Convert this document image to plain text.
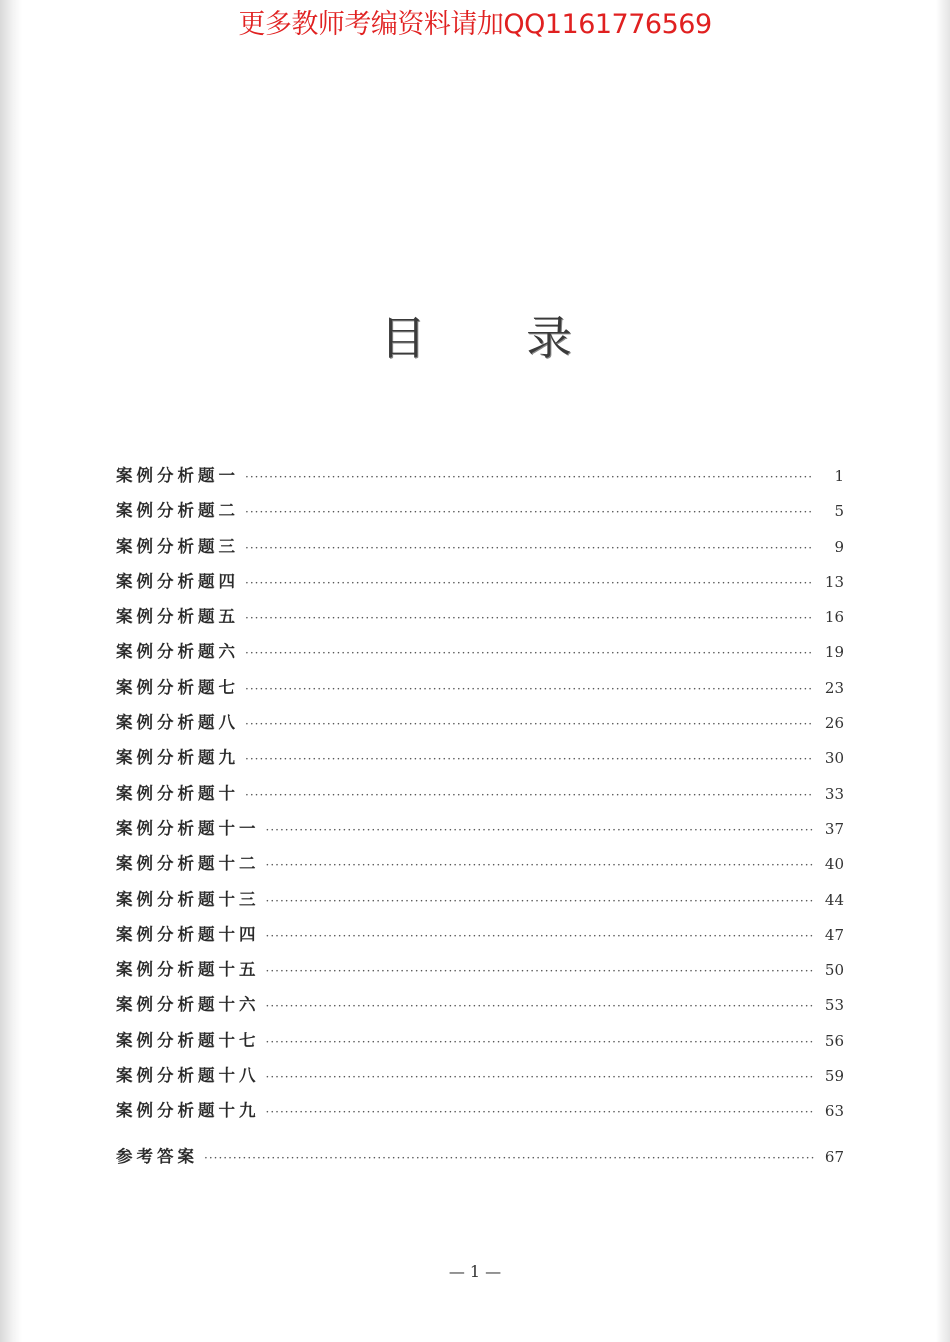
更多教师考编资料请加QQ1161776569
目录
案例分析题一 ·····	1
案例分析题二 ·····	5
案例分析题三 ·····	9
案例分析题四 ·····	13
案例分析题五 ·····	16
案例分析题六 ·····	19
案例分析题七 ·····	23
案例分析题八 ·····	26
案例分析题九 ·····	30
案例分析题十 ·····	33
案例分析题十一 ·····	37
案例分析题十二 ·····	40
案例分析题十三 ·····	44
案例分析题十四 ·····	47
案例分析题十五 ·····	50
案例分析题十六 ·····	53
案例分析题十七 ·····	56
案例分析题十八 ·····	59
案例分析题十九 ·····	63
参考答案 ·····	67
— 1 —
